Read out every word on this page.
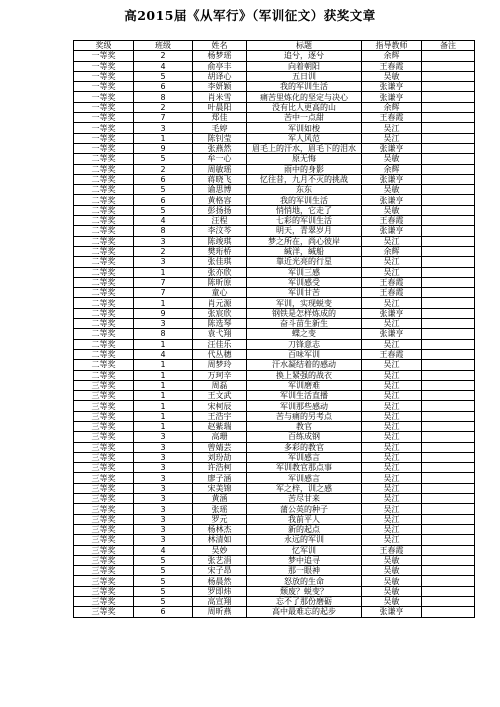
高2015届《从军行》（军训征文）获奖文章
奖级	班级	姓名	标题	指导教师	备注
一等奖	2	杨梦瑶	追兮，逐兮	余辉	
一等奖	4	俞亭丰	向着朝阳	王春霞	
一等奖	5	胡译心	五日训	吴敏	
一等奖	6	李妍颖	我的军训生活	张谦亨	
一等奖	8	肖米雪	痛苦里炼化的坚定与决心	张谦亨	
一等奖	2	叶晨阳	没有比人更高的山	余辉	
一等奖	7	郑佳	苦中一点甜	王春霞	
一等奖	3	毛婷	军训如梭	吴江	
一等奖	1	陈钊莹	军人风范	吴江	
一等奖	9	张燕然	眉毛上的汗水，眉毛下的泪水	张谦亨	
二等奖	5	牟一心	原无悔	吴敏	
二等奖	2	周敏瑶	雨中的身影	余辉	
二等奖	6	蒋晓飞	忆往昔，九月不灭的挑战	张谦亨	
二等奖	5	谕思博	东东	吴敏	
二等奖	6	黄格容	我的军训生活	张谦亨	
二等奖	5	彭扬扬	悄悄地，它走了	吴敏	
二等奖	4	汪程	七彩的军训生活	王春霞	
二等奖	8	李汶芩	明天，青翠岁月	张谦亨	
二等奖	3	陈竣琪	梦之所在，尚心彼岸	吴江	
二等奖	2	樊珩桥	缄洋，缄船	余辉	
二等奖	3	张佳琪	靠近光亮的行星	吴江	
二等奖	1	张亦欣	军训三感	吴江	
二等奖	7	陈昕原	军训感受	王春霞	
二等奖	7	童心	军训甘苦	王春霞	
二等奖	1	肖元源	军训，实现蜕变	吴江	
二等奖	9	张宸欣	钢铁是怎样炼成的	张谦亨	
二等奖	3	陈选琴	奋斗苗生新生	吴江	
二等奖	8	袁弋翔	蝶之变	张谦亨	
二等奖	1	汪佳乐	刀锋意志	吴江	
二等奖	4	代丛穗	百味军训	王春霞	
二等奖	1	周梦玲	汗水凝结着的感动	吴江	
二等奖	1	万珂辛	换上紧强的战衣	吴江	
三等奖	1	周磊	军训磨难	吴江	
三等奖	1	王文武	军训生活直播	吴江	
三等奖	1	宋柯辰	军训那些感动	吴江	
三等奖	1	王浩宇	苦与痛的另考点	吴江	
三等奖	1	赵紫瑞	教官	吴江	
三等奖	3	高珊	百练成钢	吴江	
三等奖	3	曾婧芸	多彩的教官	吴江	
三等奖	3	刘玢劼	军训感言	吴江	
三等奖	3	许浩柯	军训教官那点事	吴江	
三等奖	3	廖子涵	军训感言	吴江	
三等奖	3	宋美锦	军之梓，训之感	吴江	
三等奖	3	黄涵	苦尽甘来	吴江	
三等奖	3	张瑶	蒲公英的种子	吴江	
三等奖	3	罗元	我前平人	吴江	
三等奖	3	杨林杰	新的起点	吴江	
三等奖	3	林清如	永远的军训	吴江	
三等奖	4	吴妙	忆军训	王春霞	
三等奖	5	张艺涓	梦中追寻	吴敏	
三等奖	5	宋子昂	那一眼神	吴敏	
三等奖	5	杨晨然	怒放的生命	吴敏	
三等奖	5	罗即炜	颓废？蜕变？	吴敏	
三等奖	5	高宣翔	忘不了那份磨砺	吴敏	
三等奖	6	周昕燕	高中最难忘的起步	张谦亨	
